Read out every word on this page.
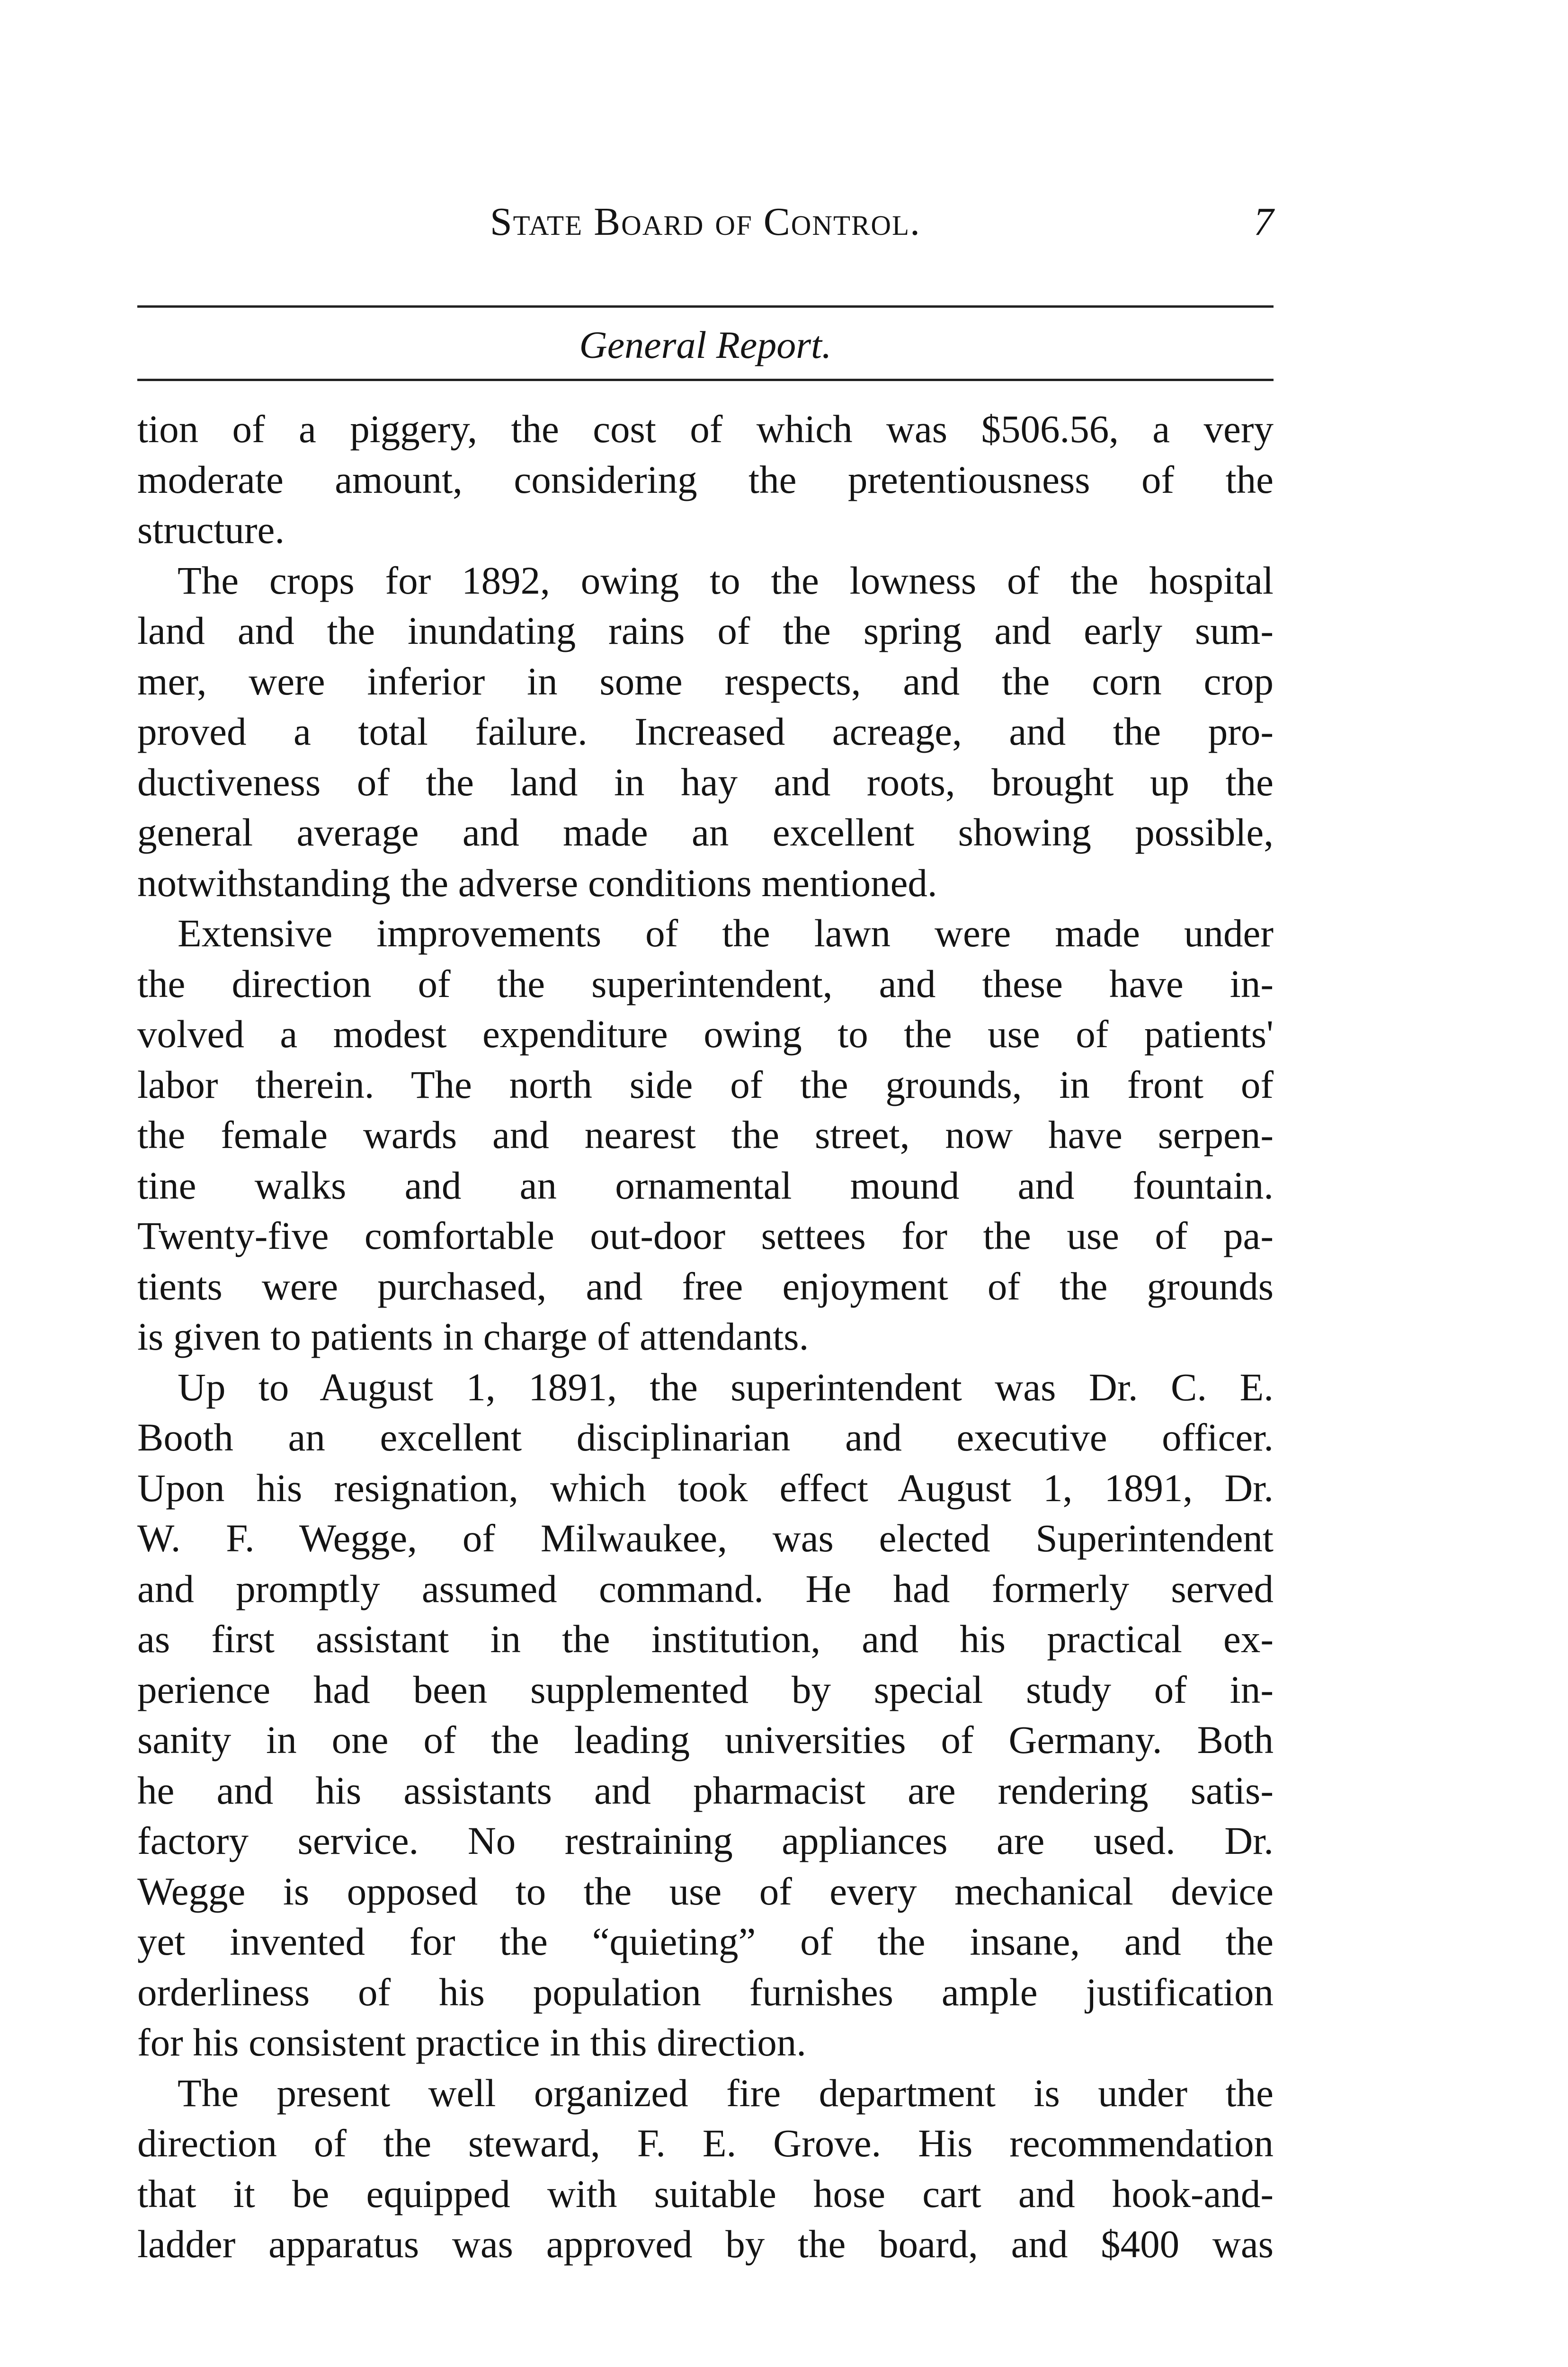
State Board of Control.	7
General Report.
tion of a piggery, the cost of which was $506.56, a very
moderate amount, considering the pretentiousness of the
structure.
The crops for 1892, owing to the lowness of the hospital
land and the inundating rains of the spring and early sum-
mer, were inferior in some respects, and the corn crop
proved a total failure. Increased acreage, and the pro-
ductiveness of the land in hay and roots, brought up the
general average and made an excellent showing possible,
notwithstanding the adverse conditions mentioned.
Extensive improvements of the lawn were made under
the direction of the superintendent, and these have in-
volved a modest expenditure owing to the use of patients'
labor therein. The north side of the grounds, in front of
the female wards and nearest the street, now have serpen-
tine walks and an ornamental mound and fountain.
Twenty-five comfortable out-door settees for the use of pa-
tients were purchased, and free enjoyment of the grounds
is given to patients in charge of attendants.
Up to August 1, 1891, the superintendent was Dr. C. E.
Booth an excellent disciplinarian and executive officer.
Upon his resignation, which took effect August 1, 1891, Dr.
W. F. Wegge, of Milwaukee, was elected Superintendent
and promptly assumed command. He had formerly served
as first assistant in the institution, and his practical ex-
perience had been supplemented by special study of in-
sanity in one of the leading universities of Germany. Both
he and his assistants and pharmacist are rendering satis-
factory service. No restraining appliances are used. Dr.
Wegge is opposed to the use of every mechanical device
yet invented for the “quieting” of the insane, and the
orderliness of his population furnishes ample justification
for his consistent practice in this direction.
The present well organized fire department is under the
direction of the steward, F. E. Grove. His recommendation
that it be equipped with suitable hose cart and hook-and-
ladder apparatus was approved by the board, and $400 was
